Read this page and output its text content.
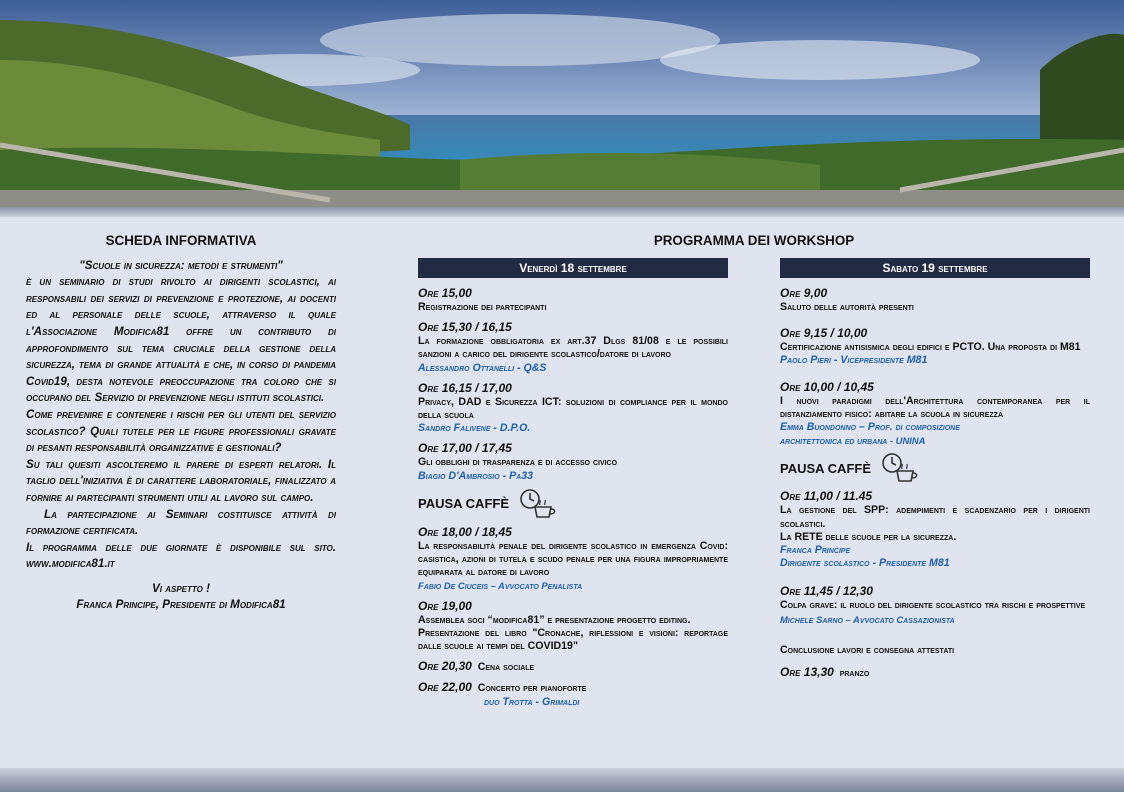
SCHEDA INFORMATIVA

"Scuole in sicurezza: metodi e strumenti"

è un seminario di studi rivolto ai dirigenti scolastici, ai responsabili dei servizi di prevenzione e protezione, ai docenti ed al personale delle scuole, attraverso il quale l'Associazione Modifica81 offre un contributo di approfondimento sul tema cruciale della gestione della sicurezza, tema di grande attualità e che, in corso di pandemia Covid19, desta notevole preoccupazione tra coloro che si occupano del Servizio di prevenzione negli istituti scolastici.

Come prevenire e contenere i rischi per gli utenti del servizio scolastico? Quali tutele per le figure professionali gravate di pesanti responsabilità organizzative e gestionali?

Su tali quesiti ascolteremo il parere di esperti relatori. Il taglio dell'iniziativa è di carattere laboratoriale, finalizzato a fornire ai partecipanti strumenti utili al lavoro sul campo.

La partecipazione ai Seminari costituisce attività di formazione certificata.

Il programma delle due giornate è disponibile sul sito. www.modifica81.it

Vi aspetto !

Franca Principe, Presidente di Modifica81

PROGRAMMA DEI WORKSHOP
Venerdì 18 settembre
Ore 15,00
Registrazione dei partecipanti
Ore 15,30 / 16,15
La formazione obbligatoria ex art.37 Dlgs 81/08 e le possibili sanzioni a carico del dirigente scolastico/datore di lavoro
Alessandro Ottanelli - Q&S
Ore 16,15 / 17,00
Privacy, DAD e Sicurezza ICT: soluzioni di compliance per il mondo della scuola
Sandro Falivene - D.P.O.
Ore 17,00 / 17,45
Gli obblighi di trasparenza e di accesso civico
Biagio D'Ambrosio - Pa33
PAUSA CAFFÈ
Ore 18,00 / 18,45
La responsabilità penale del dirigente scolastico in emergenza Covid: casistica, azioni di tutela e scudo penale per una figura impropriamente equiparata al datore di lavoro
Fabio De Ciuceis – Avvocato Penalista
Ore 19,00
Assemblea soci “modifica81” e presentazione progetto editing.
Presentazione del libro "Cronache, riflessioni e visioni: reportage dalle scuole ai tempi del COVID19"
Ore 20,30 Cena sociale
Ore 22,00 Concerto per pianoforte
duo Trotta - Grimaldi
Sabato 19 settembre
Ore 9,00
Saluto delle autorità presenti
Ore 9,15 / 10,00
Certificazione antisismica degli edifici e PCTO. Una proposta di M81
Paolo Pieri - Vicepresidente M81
Ore 10,00 / 10,45
I nuovi paradigmi dell'Architettura contemporanea per il distanziamento fisico: abitare la scuola in sicurezza
Emma Buondonno – Prof. di composizione
architettonica ed urbana - UNINA
PAUSA CAFFÈ
Ore 11,00 / 11.45
La gestione del SPP: adempimenti e scadenzario per i dirigenti scolastici.
La RETE delle scuole per la sicurezza.
Franca Principe
Dirigente scolastico - Presidente M81
Ore 11,45 / 12,30
Colpa grave: il ruolo del dirigente scolastico tra rischi e prospettive
Michele Sarno – Avvocato Cassazionista
Conclusione lavori e consegna attestati
Ore 13,30 pranzo
